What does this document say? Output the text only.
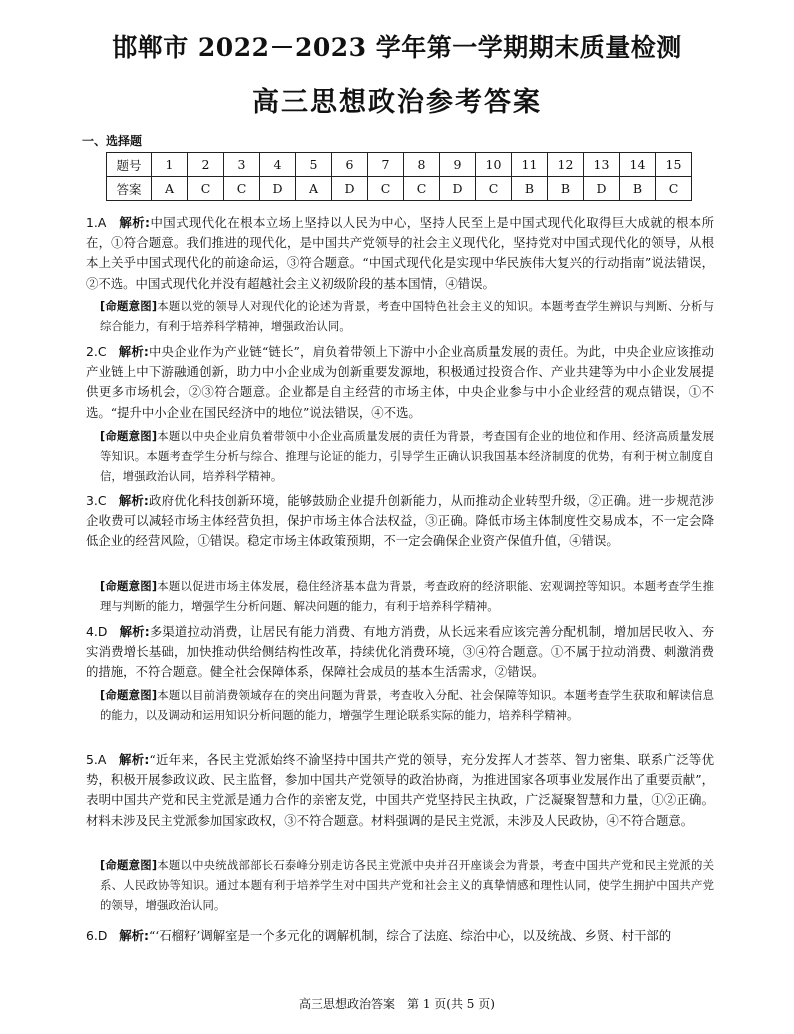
邯郸市 2022－2023 学年第一学期期末质量检测
高三思想政治参考答案
一、选择题
题号	1	2	3	4	5	6	7	8	9	10	11	12	13	14	15
答案	A	C	C	D	A	D	C	C	D	C	B	B	D	B	C
1.A 解析:中国式现代化在根本立场上坚持以人民为中心，坚持人民至上是中国式现代化取得巨大成就的根本所在，①符合题意。我们推进的现代化，是中国共产党领导的社会主义现代化，坚持党对中国式现代化的领导，从根本上关乎中国式现代化的前途命运，③符合题意。“中国式现代化是实现中华民族伟大复兴的行动指南”说法错误，②不选。中国式现代化并没有超越社会主义初级阶段的基本国情，④错误。
[命题意图]本题以党的领导人对现代化的论述为背景，考查中国特色社会主义的知识。本题考查学生辨识与判断、分析与综合能力，有利于培养科学精神，增强政治认同。
2.C 解析:中央企业作为产业链“链长”，肩负着带领上下游中小企业高质量发展的责任。为此，中央企业应该推动产业链上中下游融通创新，助力中小企业成为创新重要发源地，积极通过投资合作、产业共建等为中小企业发展提供更多市场机会，②③符合题意。企业都是自主经营的市场主体，中央企业参与中小企业经营的观点错误，①不选。“提升中小企业在国民经济中的地位”说法错误，④不选。
[命题意图]本题以中央企业肩负着带领中小企业高质量发展的责任为背景，考查国有企业的地位和作用、经济高质量发展等知识。本题考查学生分析与综合、推理与论证的能力，引导学生正确认识我国基本经济制度的优势，有利于树立制度自信，增强政治认同，培养科学精神。
3.C 解析:政府优化科技创新环境，能够鼓励企业提升创新能力，从而推动企业转型升级，②正确。进一步规范涉企收费可以减轻市场主体经营负担，保护市场主体合法权益，③正确。降低市场主体制度性交易成本，不一定会降低企业的经营风险，①错误。稳定市场主体政策预期，不一定会确保企业资产保值升值，④错误。
[命题意图]本题以促进市场主体发展，稳住经济基本盘为背景，考查政府的经济职能、宏观调控等知识。本题考查学生推理与判断的能力，增强学生分析问题、解决问题的能力，有利于培养科学精神。
4.D 解析:多渠道拉动消费，让居民有能力消费、有地方消费，从长远来看应该完善分配机制，增加居民收入、夯实消费增长基础，加快推动供给侧结构性改革，持续优化消费环境，③④符合题意。①不属于拉动消费、刺激消费的措施，不符合题意。健全社会保障体系，保障社会成员的基本生活需求，②错误。
[命题意图]本题以目前消费领域存在的突出问题为背景，考查收入分配、社会保障等知识。本题考查学生获取和解读信息的能力，以及调动和运用知识分析问题的能力，增强学生理论联系实际的能力，培养科学精神。
5.A 解析:“近年来，各民主党派始终不渝坚持中国共产党的领导，充分发挥人才荟萃、智力密集、联系广泛等优势，积极开展参政议政、民主监督，参加中国共产党领导的政治协商，为推进国家各项事业发展作出了重要贡献”，表明中国共产党和民主党派是通力合作的亲密友党，中国共产党坚持民主执政，广泛凝聚智慧和力量，①②正确。材料未涉及民主党派参加国家政权，③不符合题意。材料强调的是民主党派，未涉及人民政协，④不符合题意。
[命题意图]本题以中央统战部部长石泰峰分别走访各民主党派中央并召开座谈会为背景，考查中国共产党和民主党派的关系、人民政协等知识。通过本题有利于培养学生对中国共产党和社会主义的真挚情感和理性认同，使学生拥护中国共产党的领导，增强政治认同。
6.D 解析:“‘石榴籽’调解室是一个多元化的调解机制，综合了法庭、综治中心，以及统战、乡贤、村干部的
高三思想政治答案　第 1 页(共 5 页)
